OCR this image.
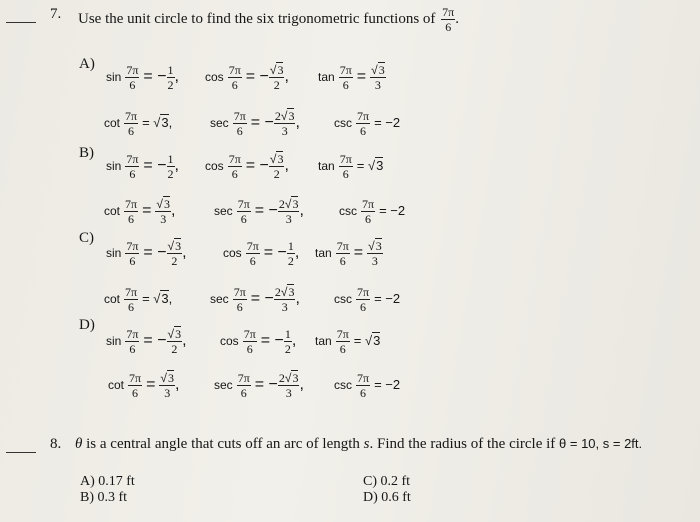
7. Use the unit circle to find the six trigonometric functions of $\frac{7\pi}{6}$ .
A)
$\sin \frac{7\pi}{6}$ = − $\frac{1}{2}$ , $\cos \frac{7\pi}{6}$ = − $\frac{√3}{2}$ , $\tan \frac{7\pi}{6} = \frac{√3}{3}$
$\cot \frac{7\pi}{6} = √3$,	$\sec \frac{7\pi}{6}$ = − $\frac{2√3}{3}$ ,	$\csc \frac{7\pi}{6} = -2$
B)
$\sin \frac{7\pi}{6}$ = − $\frac{1}{2}$ , $\cos \frac{7\pi}{6}$ = − $\frac{√3}{2}$ , $\tan \frac{7\pi}{6} = √3$
$\cot \frac{7\pi}{6} = \frac{√3}{3}$ ,	$\sec \frac{7\pi}{6}$ = − $\frac{2√3}{3}$ ,	$\csc \frac{7\pi}{6} = -2$
C)
$\sin \frac{7\pi}{6}$ = − $\frac{√3}{2}$ ,	$\cos \frac{7\pi}{6}$ = − $\frac{1}{2}$ , $\tan \frac{7\pi}{6} = \frac{√3}{3}$
$\cot \frac{7\pi}{6} = √3$,	$\sec \frac{7\pi}{6}$ = − $\frac{2√3}{3}$ ,	$\csc \frac{7\pi}{6} = -2$
D)
$\sin \frac{7\pi}{6}$ = − $\frac{√3}{2}$ ,	$\cos \frac{7\pi}{6}$ = − $\frac{1}{2}$ , $\tan \frac{7\pi}{6} = √3$
$\cot \frac{7\pi}{6} = \frac{√3}{3}$ ,	$\sec \frac{7\pi}{6}$ = − $\frac{2√3}{3}$ ,	$\csc \frac{7\pi}{6} = -2$
8. θ is a central angle that cuts off an arc of length s. Find the radius of the circle if θ = 10, s = 2ft.
A) 0.17 ft
B) 0.3 ft
C) 0.2 ft
D) 0.6 ft
